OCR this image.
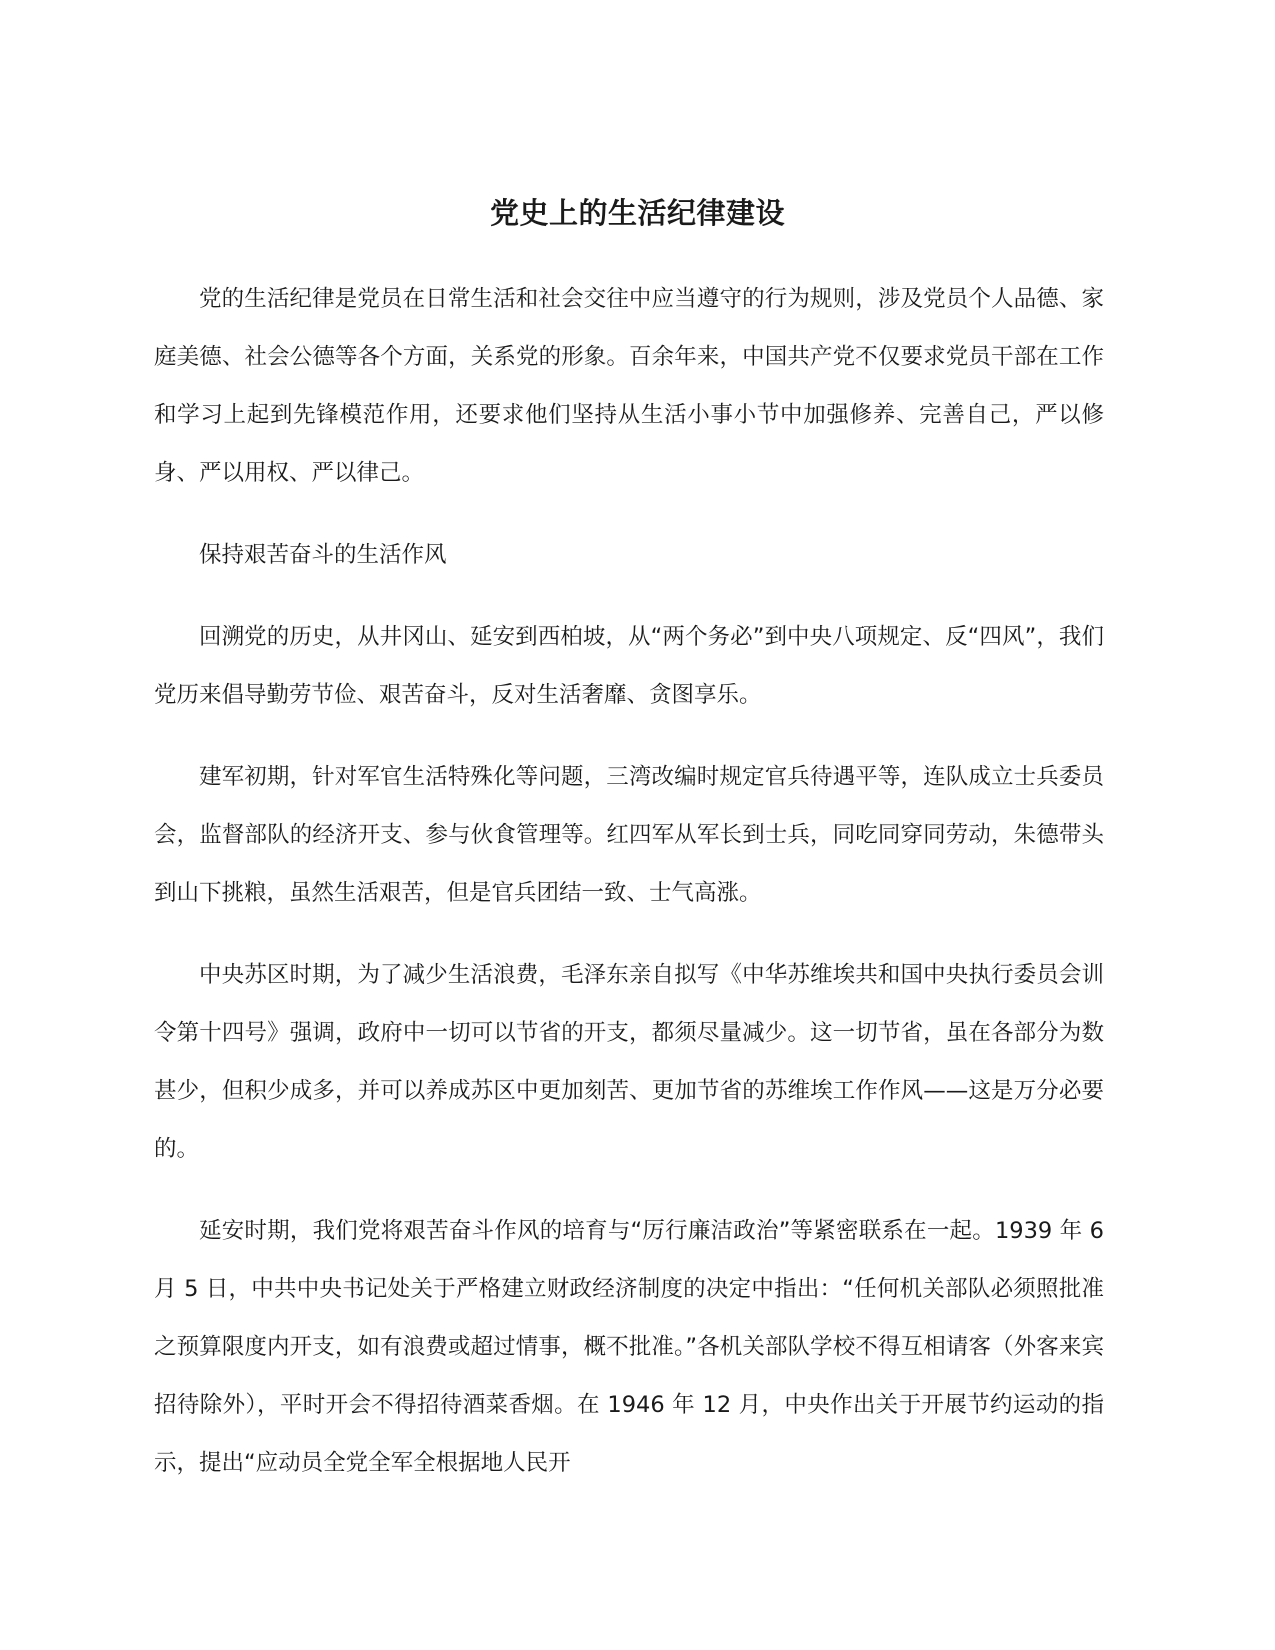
党史上的生活纪律建设

党的生活纪律是党员在日常生活和社会交往中应当遵守的行为规则，涉及党员个人品德、家庭美德、社会公德等各个方面，关系党的形象。百余年来，中国共产党不仅要求党员干部在工作和学习上起到先锋模范作用，还要求他们坚持从生活小事小节中加强修养、完善自己，严以修身、严以用权、严以律己。

保持艰苦奋斗的生活作风

回溯党的历史，从井冈山、延安到西柏坡，从“两个务必”到中央八项规定、反“四风”，我们党历来倡导勤劳节俭、艰苦奋斗，反对生活奢靡、贪图享乐。

建军初期，针对军官生活特殊化等问题，三湾改编时规定官兵待遇平等，连队成立士兵委员会，监督部队的经济开支、参与伙食管理等。红四军从军长到士兵，同吃同穿同劳动，朱德带头到山下挑粮，虽然生活艰苦，但是官兵团结一致、士气高涨。

中央苏区时期，为了减少生活浪费，毛泽东亲自拟写《中华苏维埃共和国中央执行委员会训令第十四号》强调，政府中一切可以节省的开支，都须尽量减少。这一切节省，虽在各部分为数甚少，但积少成多，并可以养成苏区中更加刻苦、更加节省的苏维埃工作作风——这是万分必要的。

延安时期，我们党将艰苦奋斗作风的培育与“厉行廉洁政治”等紧密联系在一起。1939 年 6 月 5 日，中共中央书记处关于严格建立财政经济制度的决定中指出：“任何机关部队必须照批准之预算限度内开支，如有浪费或超过情事，概不批准。”各机关部队学校不得互相请客（外客来宾招待除外），平时开会不得招待酒菜香烟。在 1946 年 12 月，中央作出关于开展节约运动的指示，提出“应动员全党全军全根据地人民开
